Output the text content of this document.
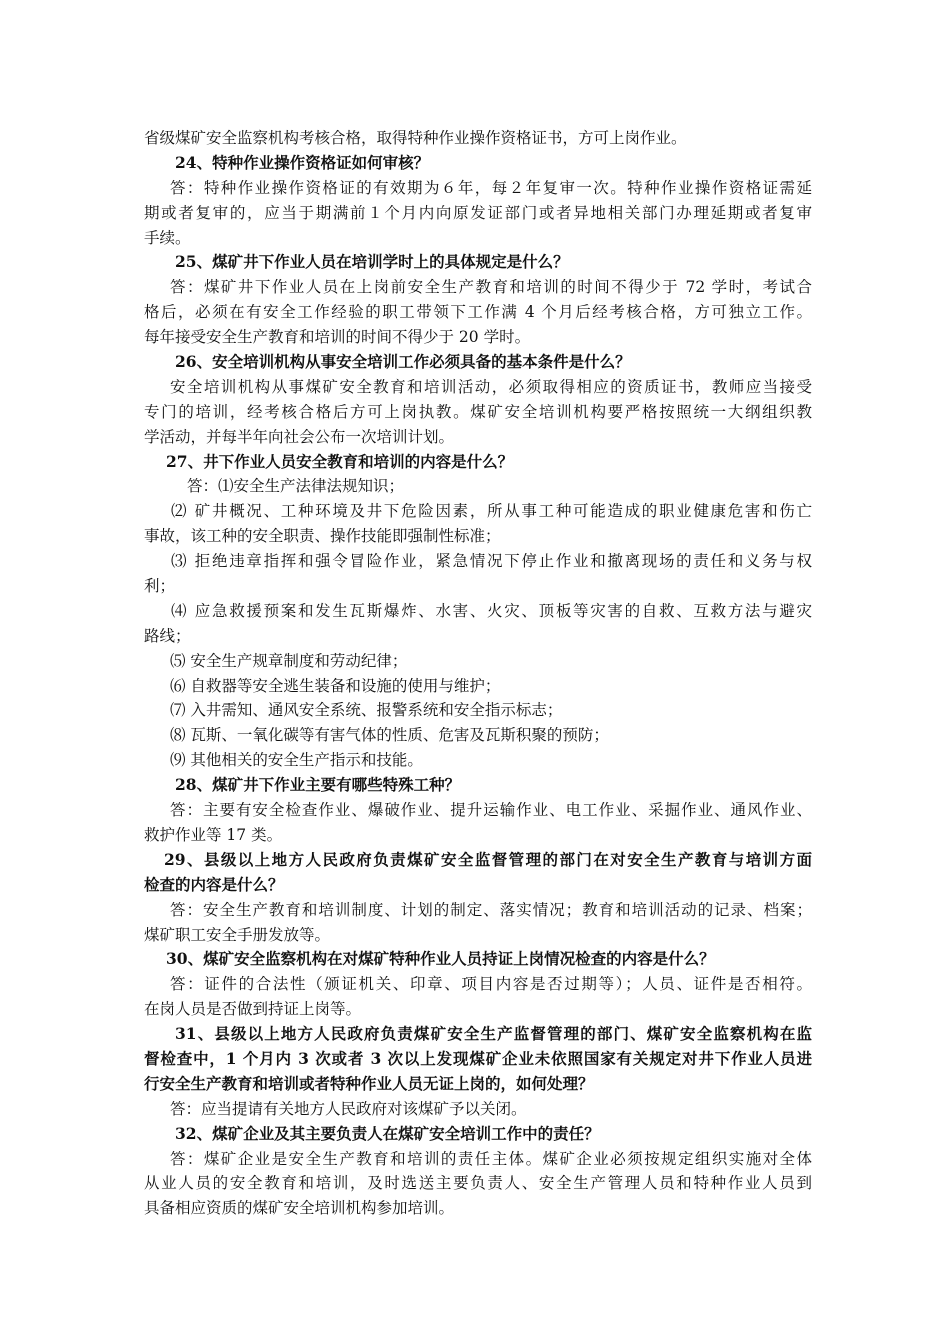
省级煤矿安全监察机构考核合格，取得特种作业操作资格证书，方可上岗作业。
24、特种作业操作资格证如何审核？
答：特种作业操作资格证的有效期为６年，每２年复审一次。特种作业操作资格证需延
期或者复审的，应当于期满前１个月内向原发证部门或者异地相关部门办理延期或者复审
手续。
25、煤矿井下作业人员在培训学时上的具体规定是什么？
答：煤矿井下作业人员在上岗前安全生产教育和培训的时间不得少于 72 学时，考试合
格后，必须在有安全工作经验的职工带领下工作满 4 个月后经考核合格，方可独立工作。
每年接受安全生产教育和培训的时间不得少于 20 学时。
26、安全培训机构从事安全培训工作必须具备的基本条件是什么？
安全培训机构从事煤矿安全教育和培训活动，必须取得相应的资质证书，教师应当接受
专门的培训，经考核合格后方可上岗执教。煤矿安全培训机构要严格按照统一大纲组织教
学活动，并每半年向社会公布一次培训计划。
27、井下作业人员安全教育和培训的内容是什么？
答：⑴安全生产法律法规知识；
⑵ 矿井概况、工种环境及井下危险因素，所从事工种可能造成的职业健康危害和伤亡
事故，该工种的安全职责、操作技能即强制性标准；
⑶ 拒绝违章指挥和强令冒险作业，紧急情况下停止作业和撤离现场的责任和义务与权
利；
⑷ 应急救援预案和发生瓦斯爆炸、水害、火灾、顶板等灾害的自救、互救方法与避灾
路线；
⑸ 安全生产规章制度和劳动纪律；
⑹ 自救器等安全逃生装备和设施的使用与维护；
⑺ 入井需知、通风安全系统、报警系统和安全指示标志；
⑻ 瓦斯、一氧化碳等有害气体的性质、危害及瓦斯积聚的预防；
⑼ 其他相关的安全生产指示和技能。
28、煤矿井下作业主要有哪些特殊工种？
答：主要有安全检查作业、爆破作业、提升运输作业、电工作业、采掘作业、通风作业、
救护作业等 17 类。
29、县级以上地方人民政府负责煤矿安全监督管理的部门在对安全生产教育与培训方面
检查的内容是什么？
答：安全生产教育和培训制度、计划的制定、落实情况；教育和培训活动的记录、档案；
煤矿职工安全手册发放等。
30、煤矿安全监察机构在对煤矿特种作业人员持证上岗情况检查的内容是什么？
答：证件的合法性（颁证机关、印章、项目内容是否过期等）；人员、证件是否相符。
在岗人员是否做到持证上岗等。
31、县级以上地方人民政府负责煤矿安全生产监督管理的部门、煤矿安全监察机构在监
督检查中，1 个月内 3 次或者 3 次以上发现煤矿企业未依照国家有关规定对井下作业人员进
行安全生产教育和培训或者特种作业人员无证上岗的，如何处理？
答：应当提请有关地方人民政府对该煤矿予以关闭。
32、煤矿企业及其主要负责人在煤矿安全培训工作中的责任？
答：煤矿企业是安全生产教育和培训的责任主体。煤矿企业必须按规定组织实施对全体
从业人员的安全教育和培训，及时选送主要负责人、安全生产管理人员和特种作业人员到
具备相应资质的煤矿安全培训机构参加培训。
